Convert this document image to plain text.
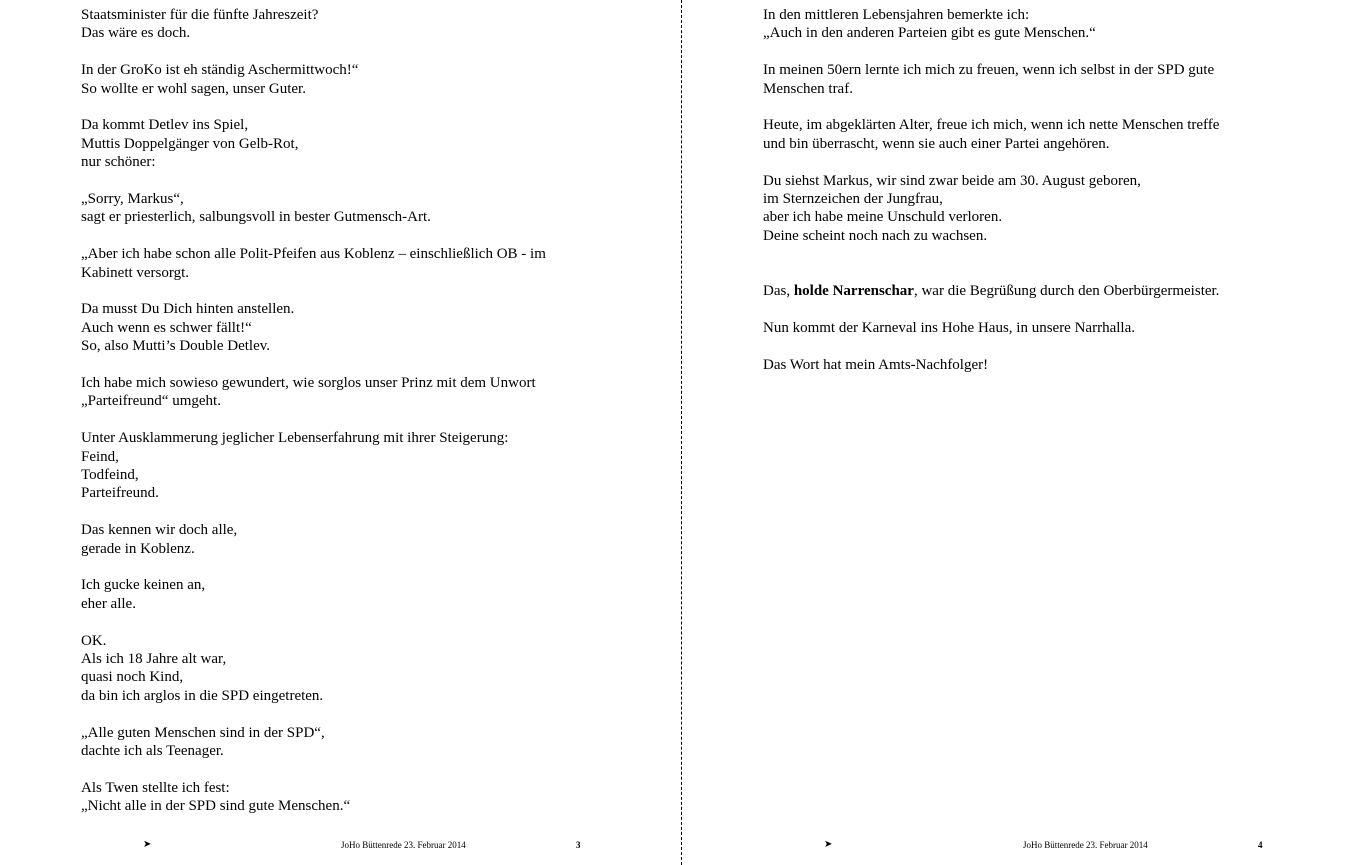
Staatsminister für die fünfte Jahreszeit?
Das wäre es doch.

In der GroKo ist eh ständig Aschermittwoch!“
So wollte er wohl sagen, unser Guter.

Da kommt Detlev ins Spiel,
Muttis Doppelgänger von Gelb-Rot,
nur schöner:

„Sorry, Markus“,
sagt er priesterlich, salbungsvoll in bester Gutmensch-Art.

„Aber ich habe schon alle Polit-Pfeifen aus Koblenz – einschließlich OB - im
Kabinett versorgt.

Da musst Du Dich hinten anstellen.
Auch wenn es schwer fällt!“
So, also Mutti’s Double Detlev.

Ich habe mich sowieso gewundert, wie sorglos unser Prinz mit dem Unwort
„Parteifreund“ umgeht.

Unter Ausklammerung jeglicher Lebenserfahrung mit ihrer Steigerung:
Feind,
Todfeind,
Parteifreund.

Das kennen wir doch alle,
gerade in Koblenz.

Ich gucke keinen an,
eher alle.

OK.
Als ich 18 Jahre alt war,
quasi noch Kind,
da bin ich arglos in die SPD eingetreten.

„Alle guten Menschen sind in der SPD“,
dachte ich als Teenager.

Als Twen stellte ich fest:
„Nicht alle in der SPD sind gute Menschen.“

➤	JoHo Büttenrede 23. Februar 2014	3

In den mittleren Lebensjahren bemerkte ich:
„Auch in den anderen Parteien gibt es gute Menschen.“

In meinen 50ern lernte ich mich zu freuen, wenn ich selbst in der SPD gute
Menschen traf.

Heute, im abgeklärten Alter, freue ich mich, wenn ich nette Menschen treffe
und bin überrascht, wenn sie auch einer Partei angehören.

Du siehst Markus, wir sind zwar beide am 30. August geboren,
im Sternzeichen der Jungfrau,
aber ich habe meine Unschuld verloren.
Deine scheint noch nach zu wachsen.

Das, holde Narrenschar, war die Begrüßung durch den Oberbürgermeister.

Nun kommt der Karneval ins Hohe Haus, in unsere Narrhalla.

Das Wort hat mein Amts-Nachfolger!

➤	JoHo Büttenrede 23. Februar 2014	4
